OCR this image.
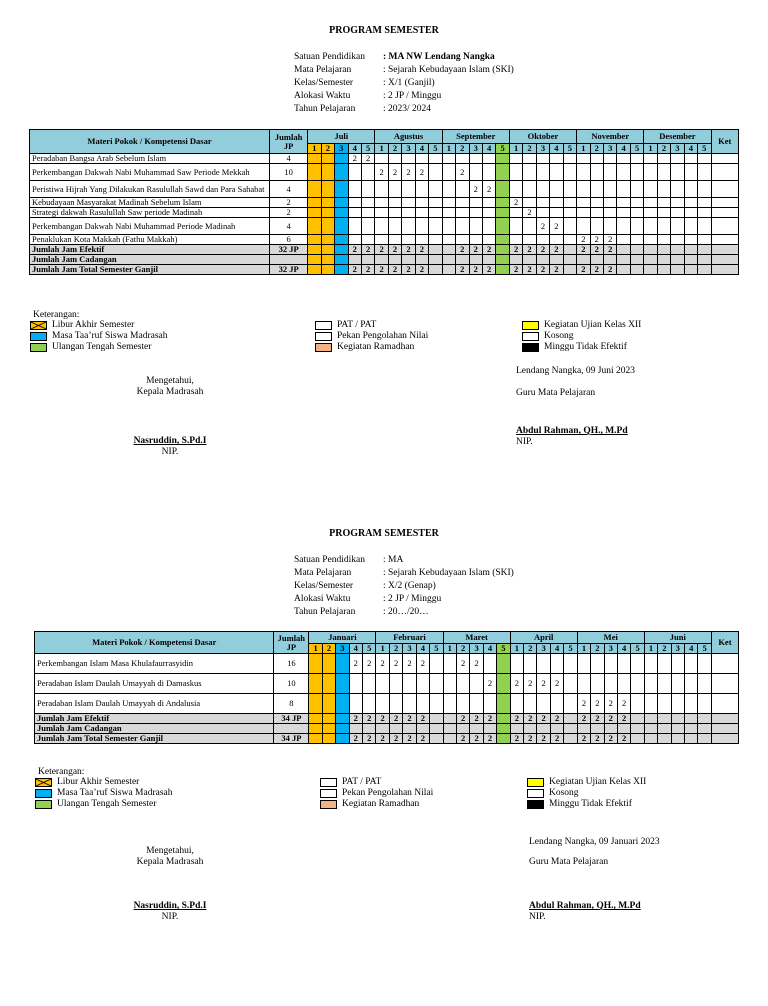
PROGRAM SEMESTER
Satuan Pendidikan	: MA NW Lendang Nangka
Mata Pelajaran	: Sejarah Kebudayaan Islam (SKI)
Kelas/Semester	: X/1 (Ganjil)
Alokasi Waktu	: 2 JP / Minggu
Tahun Pelajaran	: 2023/ 2024
Materi Pokok / Kompetensi Dasar	Jumlah JP	Juli					Agustus					September					Oktober					November					Desember					Ket
		1	2	3	4	5	1	2	3	4	5	1	2	3	4	5	1	2	3	4	5	1	2	3	4	5	1	2	3	4	5	
Peradaban Bangsa Arab Sebelum Islam	4				2	2																										
Perkembangan Dakwah Nabi Muhammad Saw Periode Mekkah	10						2	2	2	2			2																			
Peristiwa Hijrah Yang Dilakukan Rasulullah Sawd dan Para Sahabat	4													2	2																	
Kebudayaan Masyarakat Madinah Sebelum Islam	2																2															
Strategi dakwah Rasulullah Saw periode Madinah	2																	2														
Perkembangan Dakwah Nabi Muhammad Periode Madinah	4																		2	2												
Penaklukan Kota Makkah (Fathu Makkah)	6																					2	2	2								
Jumlah Jam Efektif	32 JP				2	2	2	2	2	2			2	2	2		2	2	2	2		2	2	2								
Jumlah Jam Cadangan																																
Jumlah Jam Total Semester Ganjil	32 JP				2	2	2	2	2	2			2	2	2		2	2	2	2		2	2	2								
Keterangan:
Libur Akhir Semester
Masa Taa’ruf Siswa Madrasah
Ulangan Tengah Semester
PAT / PAT
Pekan Pengolahan Nilai
Kegiatan Ramadhan
Kegiatan Ujian Kelas XII
Kosong
Minggu Tidak Efektif
Mengetahui,
Kepala Madrasah
Nasruddin, S.Pd.I
NIP.
Lendang Nangka, 09 Juni 2023
Guru Mata Pelajaran
Abdul Rahman, QH., M.Pd
NIP.
PROGRAM SEMESTER
Satuan Pendidikan	: MA
Mata Pelajaran	: Sejarah Kebudayaan Islam (SKI)
Kelas/Semester	: X/2 (Genap)
Alokasi Waktu	: 2 JP / Minggu
Tahun Pelajaran	: 20…/20…
Materi Pokok / Kompetensi Dasar	Jumlah JP	Januari					Februari					Maret					April					Mei					Juni					Ket
		1	2	3	4	5	1	2	3	4	5	1	2	3	4	5	1	2	3	4	5	1	2	3	4	5	1	2	3	4	5	
Perkembangan Islam Masa Khulafaurrasyidin	16				2	2	2	2	2	2			2	2																		
Peradaban Islam Daulah Umayyah di Damaskus	10														2		2	2	2	2												
Peradaban Islam Daulah Umayyah di Andalusia	8																					2	2	2	2							
Jumlah Jam Efektif	34 JP				2	2	2	2	2	2			2	2	2		2	2	2	2		2	2	2	2							
Jumlah Jam Cadangan																																
Jumlah Jam Total Semester Ganjil	34 JP				2	2	2	2	2	2			2	2	2		2	2	2	2		2	2	2	2							
Keterangan:
Libur Akhir Semester
Masa Taa’ruf Siswa Madrasah
Ulangan Tengah Semester
PAT / PAT
Pekan Pengolahan Nilai
Kegiatan Ramadhan
Kegiatan Ujian Kelas XII
Kosong
Minggu Tidak Efektif
Mengetahui,
Kepala Madrasah
Nasruddin, S.Pd.I
NIP.
Lendang Nangka, 09 Januari 2023
Guru Mata Pelajaran
Abdul Rahman, QH., M.Pd
NIP.
